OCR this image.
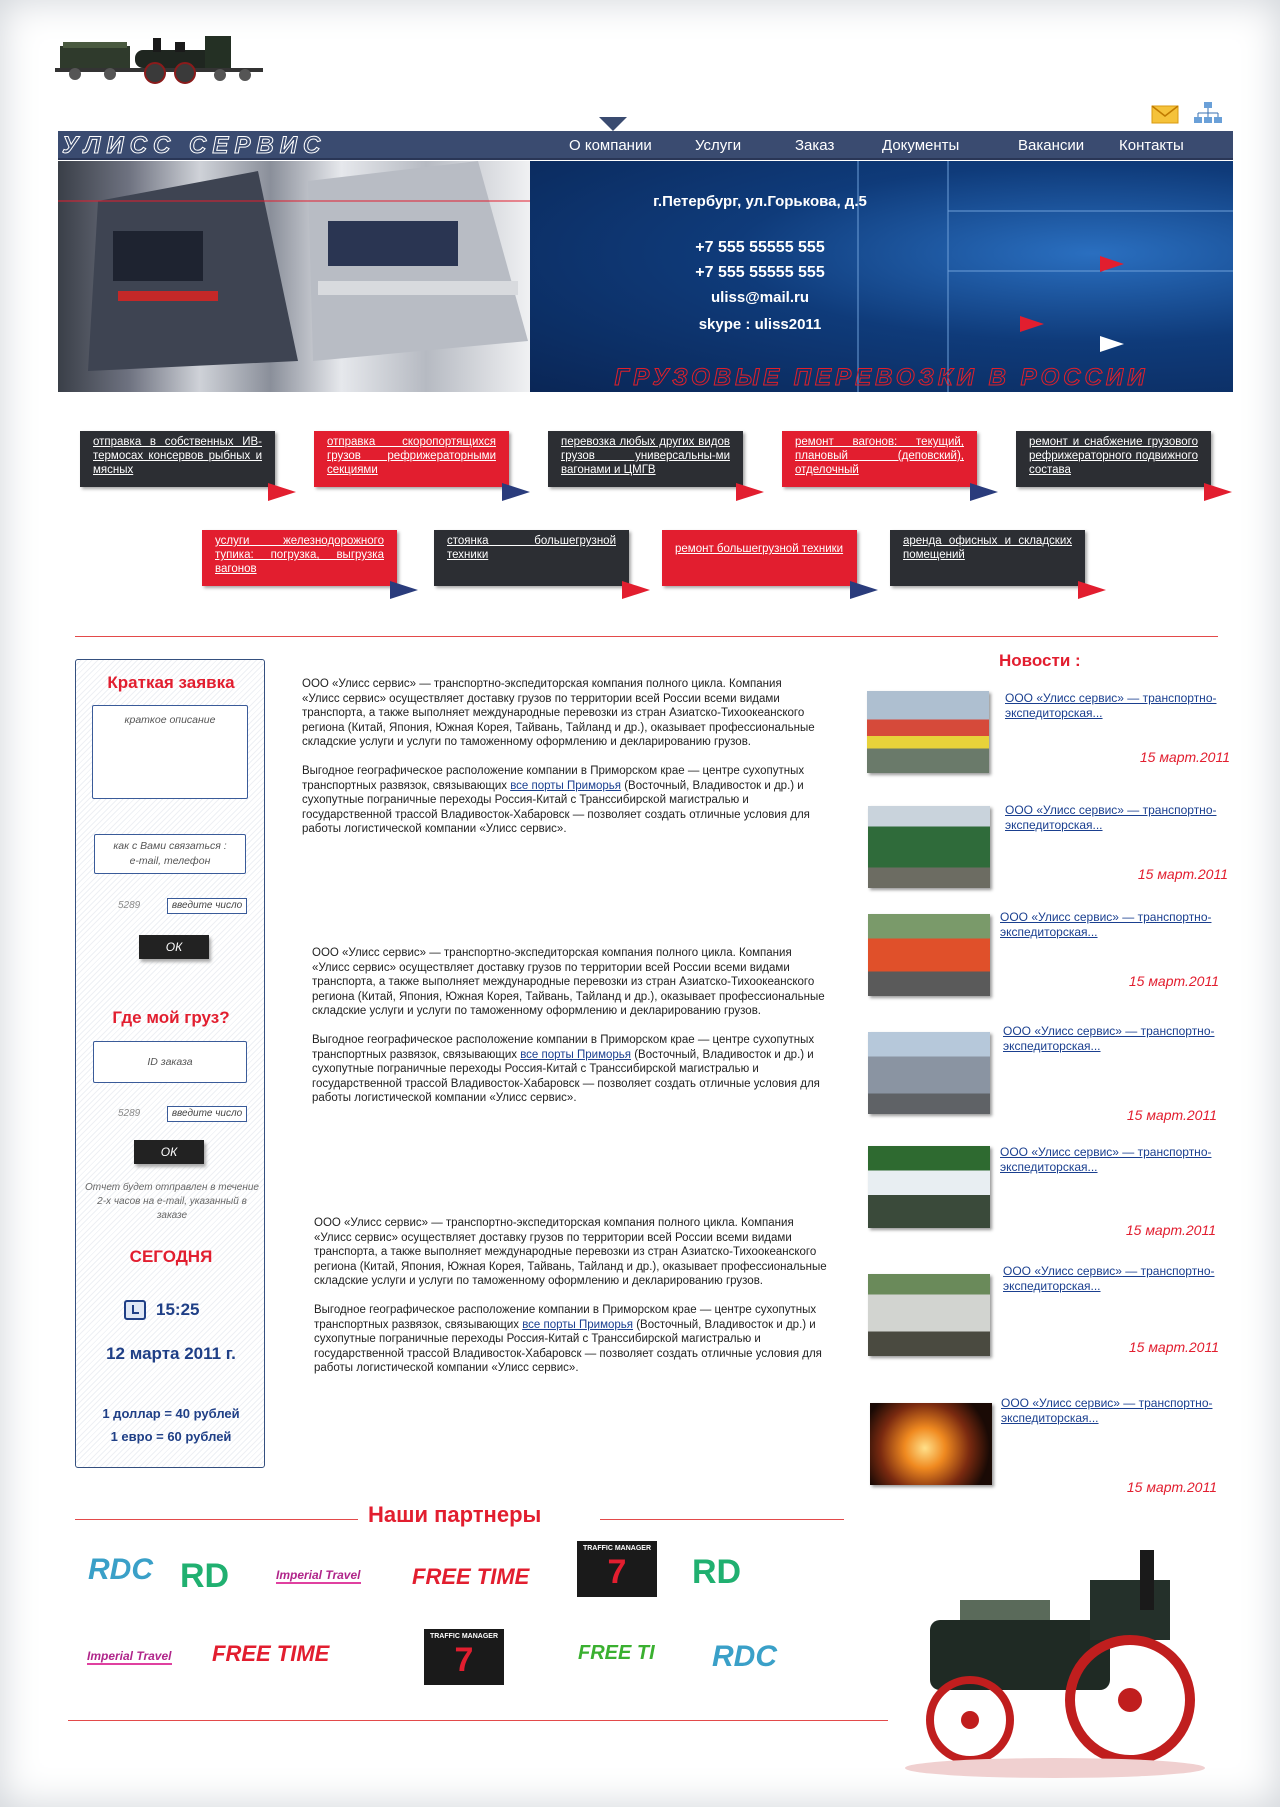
УЛИСС СЕРВИС	О компании	Услуги	Заказ	Документы	Вакансии Контакты
г.Петербург, ул.Горькова, д.5
+7 555 55555 555
+7 555 55555 555
uliss@mail.ru
skype : uliss2011
ГРУЗОВЫЕ ПЕРЕВОЗКИ В РОССИИ
отправка в собственных ИВ-термосах консервов рыбных и мясных
отправка скоропортящихся грузов рефрижераторными секциями
перевозка любых других видов грузов универсальны-ми вагонами и ЦМГВ
ремонт вагонов: текущий, плановый (деповский), отделочный
ремонт и снабжение грузового рефрижераторного подвижного состава
услуги железнодорожного тупика: погрузка, выгрузка вагонов
стоянка большегрузной техники	ремонт большегрузной техники
аренда офисных и складских помещений
Краткая заявка
краткое описание
как с Вами связаться :
e-mail, телефон
5289	введите число
ОК
Где мой груз?
ID заказа
5289	введите число
ОК
Отчет будет отправлен в течение 2-х часов на e-mail, указанный в заказе
СЕГОДНЯ
15:25
12 марта 2011 г.
1 доллар = 40 рублей
1 евро = 60 рублей

ООО «Улисс сервис» — транспортно-экспедиторская компания полного цикла. Компания «Улисс сервис» осуществляет доставку грузов по территории всей России всеми видами транспорта, а также выполняет международные перевозки из стран Азиатско-Тихоокеанского региона (Китай, Япония, Южная Корея, Тайвань, Тайланд и др.), оказывает профессиональные складские услуги и услуги по таможенному оформлению и декларированию грузов.

Выгодное географическое расположение компании в Приморском крае — центре сухопутных транспортных развязок, связывающих все порты Приморья (Восточный, Владивосток и др.) и сухопутные пограничные переходы Россия-Китай с Транссибирской магистралью и государственной трассой Владивосток-Хабаровск — позволяет создать отличные условия для работы логистической компании «Улисс сервис».

ООО «Улисс сервис» — транспортно-экспедиторская компания полного цикла. Компания «Улисс сервис» осуществляет доставку грузов по территории всей России всеми видами транспорта, а также выполняет международные перевозки из стран Азиатско-Тихоокеанского региона (Китай, Япония, Южная Корея, Тайвань, Тайланд и др.), оказывает профессиональные складские услуги и услуги по таможенному оформлению и декларированию грузов.

Выгодное географическое расположение компании в Приморском крае — центре сухопутных транспортных развязок, связывающих все порты Приморья (Восточный, Владивосток и др.) и сухопутные пограничные переходы Россия-Китай с Транссибирской магистралью и государственной трассой Владивосток-Хабаровск — позволяет создать отличные условия для работы логистической компании «Улисс сервис».

ООО «Улисс сервис» — транспортно-экспедиторская компания полного цикла. Компания «Улисс сервис» осуществляет доставку грузов по территории всей России всеми видами транспорта, а также выполняет международные перевозки из стран Азиатско-Тихоокеанского региона (Китай, Япония, Южная Корея, Тайвань, Тайланд и др.), оказывает профессиональные складские услуги и услуги по таможенному оформлению и декларированию грузов.

Выгодное географическое расположение компании в Приморском крае — центре сухопутных транспортных развязок, связывающих все порты Приморья (Восточный, Владивосток и др.) и сухопутные пограничные переходы Россия-Китай с Транссибирской магистралью и государственной трассой Владивосток-Хабаровск — позволяет создать отличные условия для работы логистической компании «Улисс сервис».

Новости :
ООО «Улисс сервис» — транспортно-экспедиторская...
15 март.2011
ООО «Улисс сервис» — транспортно-экспедиторская...
15 март.2011
ООО «Улисс сервис» — транспортно-экспедиторская...
15 март.2011
ООО «Улисс сервис» — транспортно-экспедиторская...
15 март.2011
ООО «Улисс сервис» — транспортно-экспедиторская...
15 март.2011
ООО «Улисс сервис» — транспортно-экспедиторская...
15 март.2011
ООО «Улисс сервис» — транспортно-экспедиторская...
15 март.2011
Наши партнеры
RDC RD	Imperial Travel FREE TIME
TRAFFIC MANAGER
7	RD
Imperial Travel FREE TIME
TRAFFIC MANAGER
7	FREE TI RDC
